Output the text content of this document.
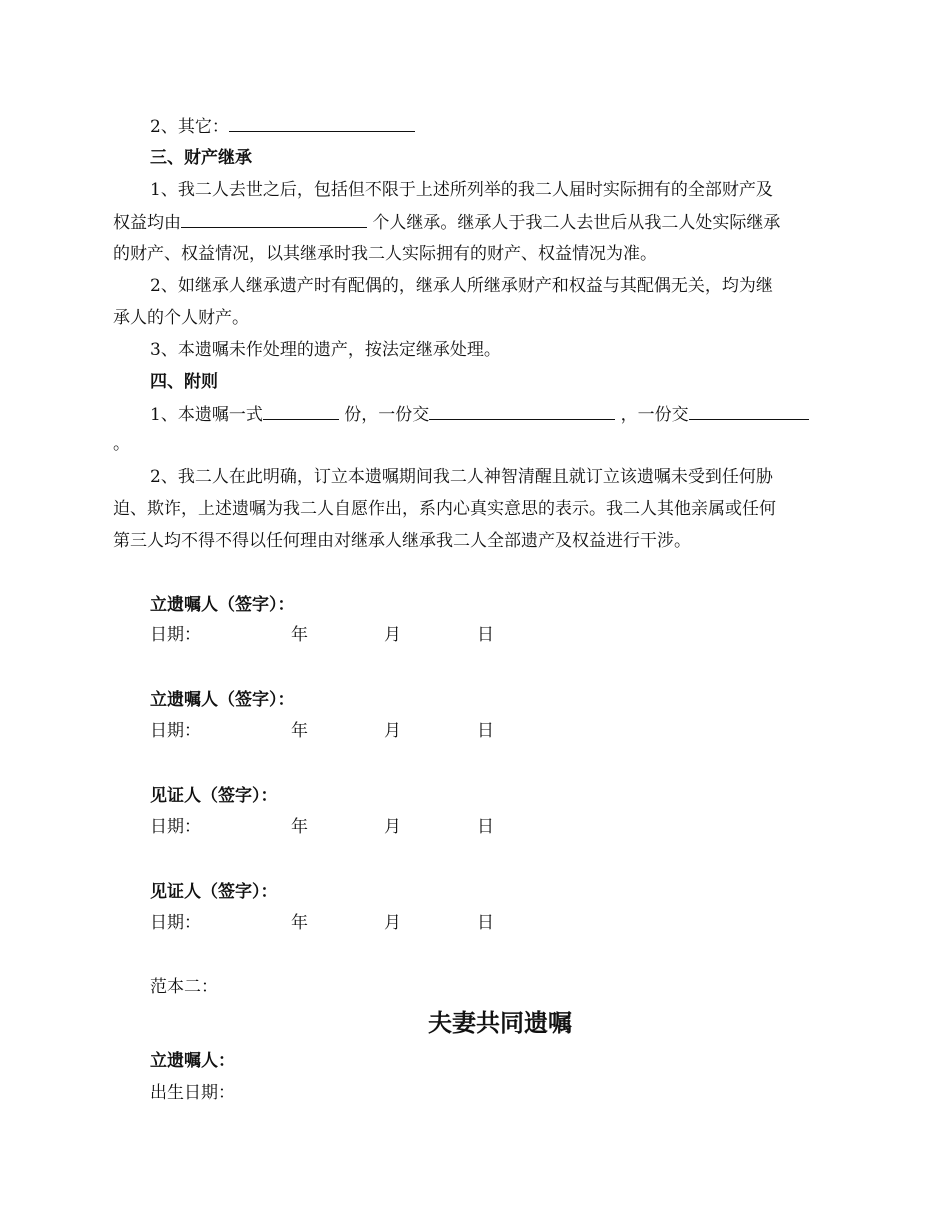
2、其它：
三、财产继承
1、我二人去世之后，包括但不限于上述所列举的我二人届时实际拥有的全部财产及
权益均由	个人继承。继承人于我二人去世后从我二人处实际继承
的财产、权益情况，以其继承时我二人实际拥有的财产、权益情况为准。
2、如继承人继承遗产时有配偶的，继承人所继承财产和权益与其配偶无关，均为继
承人的个人财产。
3、本遗嘱未作处理的遗产，按法定继承处理。
四、附则
1、本遗嘱一式	份，一份交	，一份交
。
2、我二人在此明确，订立本遗嘱期间我二人神智清醒且就订立该遗嘱未受到任何胁
迫、欺诈，上述遗嘱为我二人自愿作出，系内心真实意思的表示。我二人其他亲属或任何
第三人均不得不得以任何理由对继承人继承我二人全部遗产及权益进行干涉。
立遗嘱人（签字）：
日期：	年	月	日
立遗嘱人（签字）：
日期：	年	月	日
见证人（签字）：
日期：	年	月	日
见证人（签字）：
日期：	年	月	日
范本二：
夫妻共同遗嘱
立遗嘱人：
出生日期：
